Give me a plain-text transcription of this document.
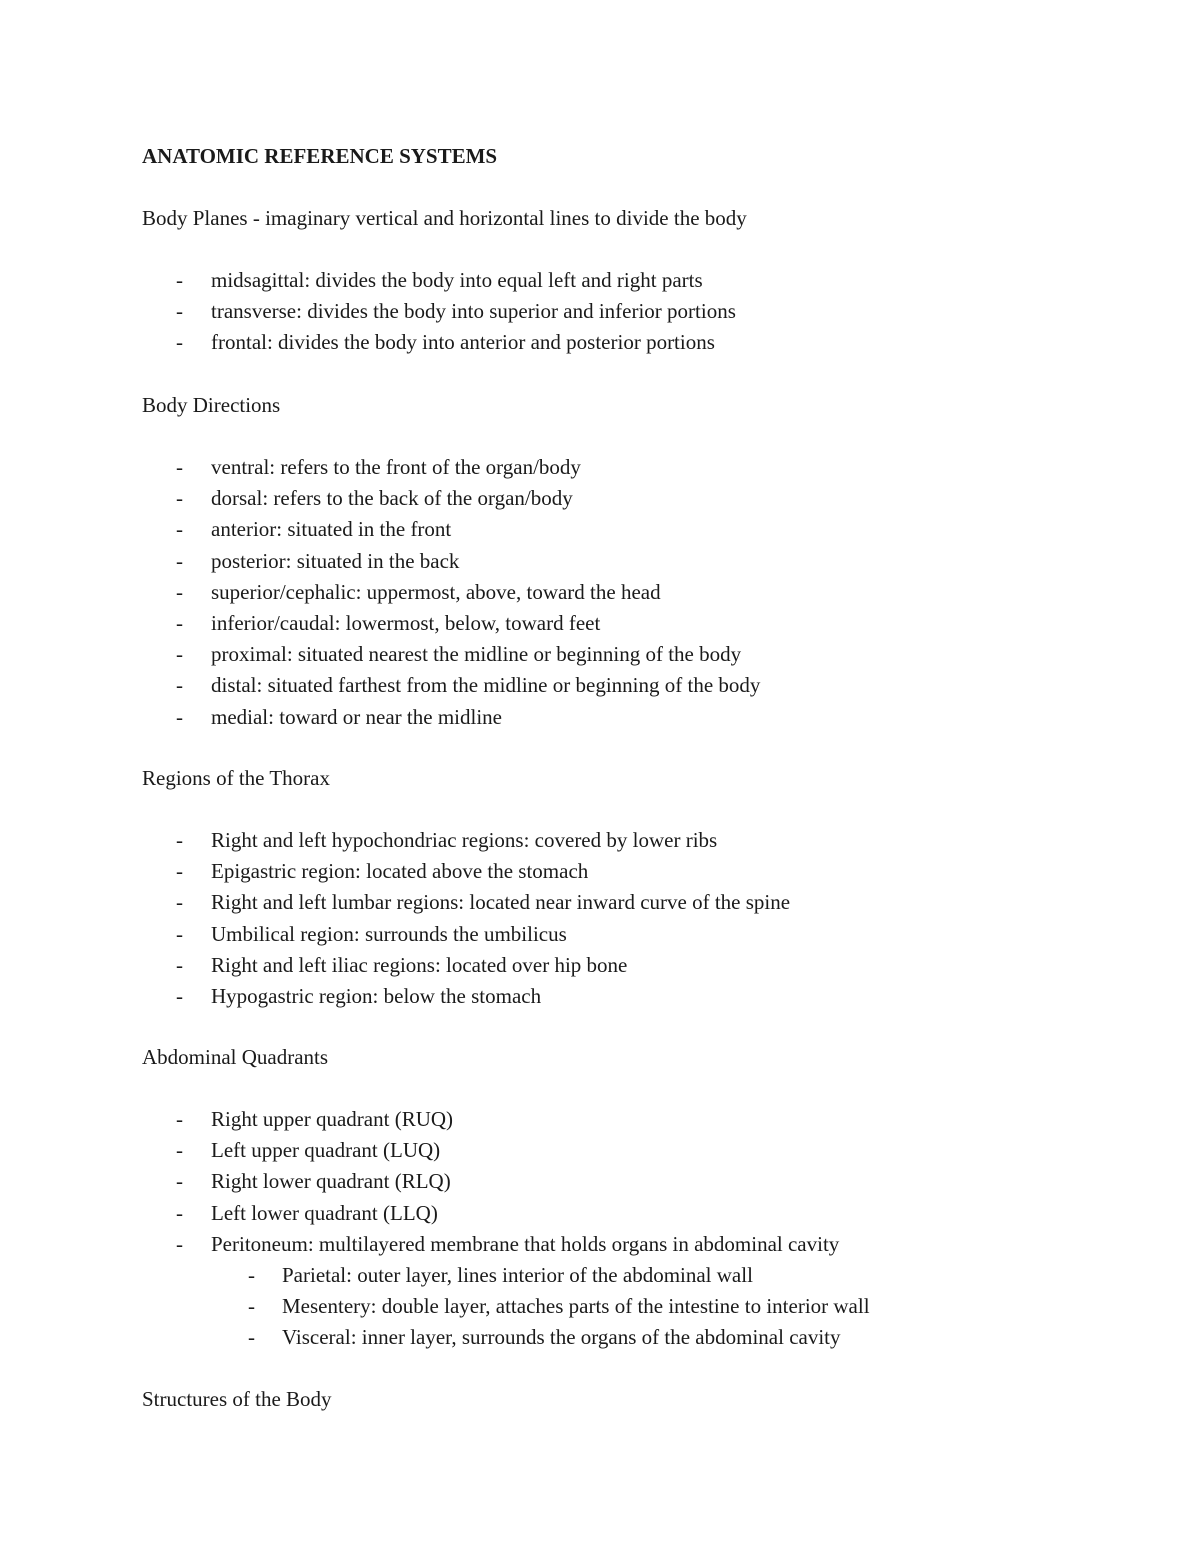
ANATOMIC REFERENCE SYSTEMS

Body Planes - imaginary vertical and horizontal lines to divide the body

- midsagittal: divides the body into equal left and right parts
- transverse: divides the body into superior and inferior portions
- frontal: divides the body into anterior and posterior portions

Body Directions

- ventral: refers to the front of the organ/body
- dorsal: refers to the back of the organ/body
- anterior: situated in the front
- posterior: situated in the back
- superior/cephalic: uppermost, above, toward the head
- inferior/caudal: lowermost, below, toward feet
- proximal: situated nearest the midline or beginning of the body
- distal: situated farthest from the midline or beginning of the body
- medial: toward or near the midline

Regions of the Thorax

- Right and left hypochondriac regions: covered by lower ribs
- Epigastric region: located above the stomach
- Right and left lumbar regions: located near inward curve of the spine
- Umbilical region: surrounds the umbilicus
- Right and left iliac regions: located over hip bone
- Hypogastric region: below the stomach

Abdominal Quadrants

- Right upper quadrant (RUQ)
- Left upper quadrant (LUQ)
- Right lower quadrant (RLQ)
- Left lower quadrant (LLQ)
- Peritoneum: multilayered membrane that holds organs in abdominal cavity
- Parietal: outer layer, lines interior of the abdominal wall
- Mesentery: double layer, attaches parts of the intestine to interior wall
- Visceral: inner layer, surrounds the organs of the abdominal cavity

Structures of the Body
